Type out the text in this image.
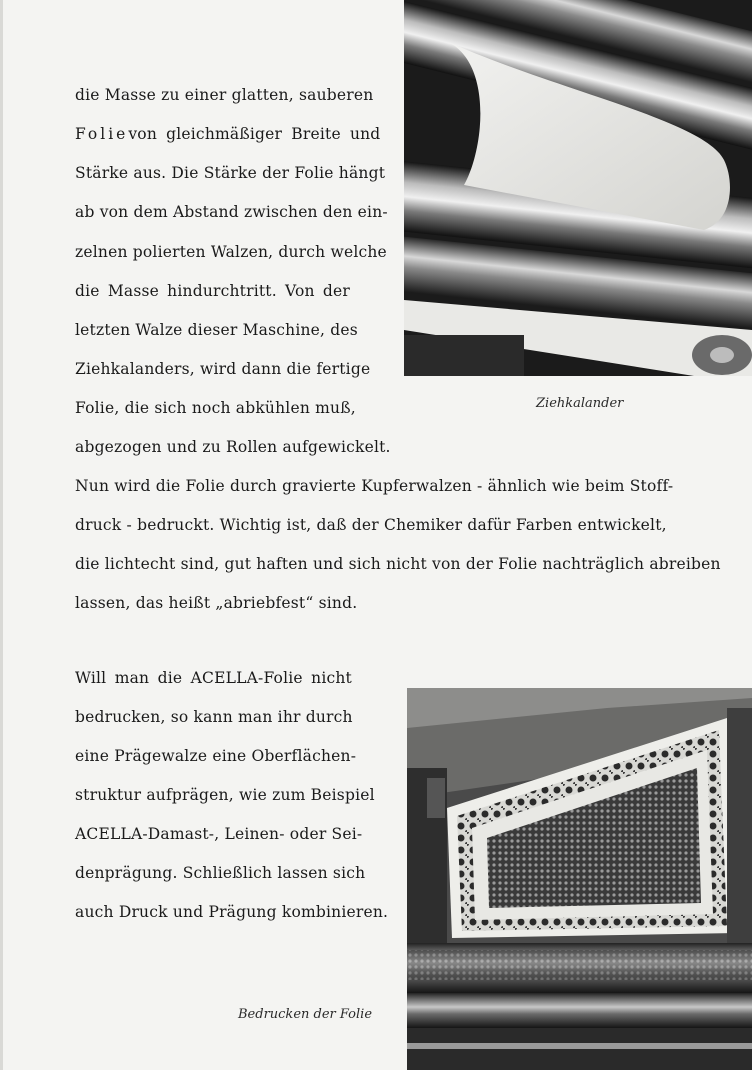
die Masse zu einer glatten, sauberen
Folie von gleichmäßiger Breite und
Stärke aus. Die Stärke der Folie hängt
ab von dem Abstand zwischen den ein-
zelnen polierten Walzen, durch welche
die Masse hindurchtritt. Von der
letzten Walze dieser Maschine, des
Ziehkalanders, wird dann die fertige
Folie, die sich noch abkühlen muß,
abgezogen und zu Rollen aufgewickelt.
Nun wird die Folie durch gravierte Kupferwalzen - ähnlich wie beim Stoff-
druck - bedruckt. Wichtig ist, daß der Chemiker dafür Farben entwickelt,
die lichtecht sind, gut haften und sich nicht von der Folie nachträglich abreiben
lassen, das heißt „abriebfest“ sind.
Will man die ACELLA-Folie nicht
bedrucken, so kann man ihr durch
eine Prägewalze eine Oberflächen-
struktur aufprägen, wie zum Beispiel
ACELLA-Damast-, Leinen- oder Sei-
denprägung. Schließlich lassen sich
auch Druck und Prägung kombinieren.
Ziehkalander
Bedrucken der Folie
